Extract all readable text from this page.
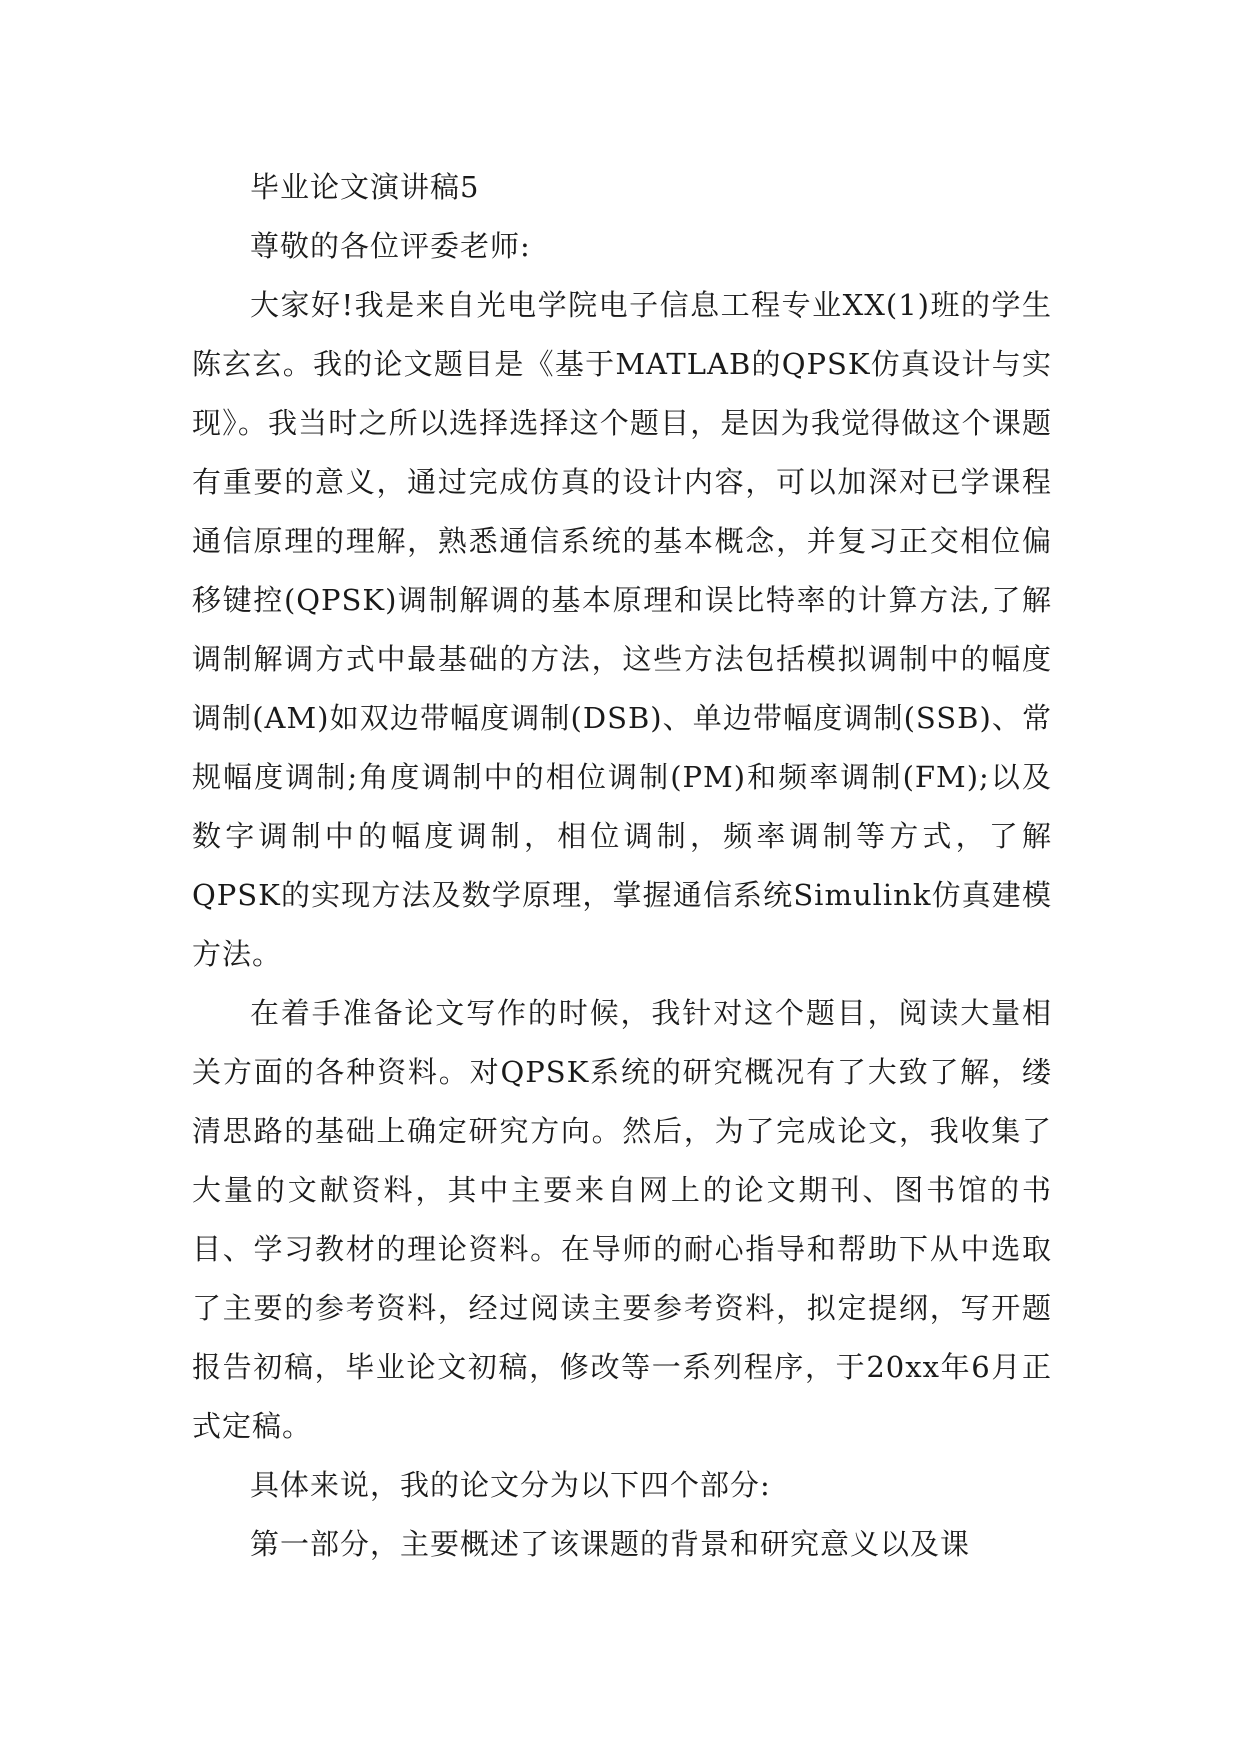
毕业论文演讲稿5

尊敬的各位评委老师:

大家好!我是来自光电学院电子信息工程专业XX(1)班的学生陈玄玄。我的论文题目是《基于MATLAB的QPSK仿真设计与实现》。我当时之所以选择选择这个题目，是因为我觉得做这个课题有重要的意义，通过完成仿真的设计内容，可以加深对已学课程通信原理的理解，熟悉通信系统的基本概念，并复习正交相位偏移键控(QPSK)调制解调的基本原理和误比特率的计算方法,了解调制解调方式中最基础的方法，这些方法包括模拟调制中的幅度调制(AM)如双边带幅度调制(DSB)、单边带幅度调制(SSB)、常规幅度调制;角度调制中的相位调制(PM)和频率调制(FM);以及数字调制中的幅度调制，相位调制，频率调制等方式，了解QPSK的实现方法及数学原理，掌握通信系统Simulink仿真建模方法。

在着手准备论文写作的时候，我针对这个题目，阅读大量相关方面的各种资料。对QPSK系统的研究概况有了大致了解，缕清思路的基础上确定研究方向。然后，为了完成论文，我收集了大量的文献资料，其中主要来自网上的论文期刊、图书馆的书目、学习教材的理论资料。在导师的耐心指导和帮助下从中选取了主要的参考资料，经过阅读主要参考资料，拟定提纲，写开题报告初稿，毕业论文初稿，修改等一系列程序，于20xx年6月正式定稿。

具体来说，我的论文分为以下四个部分:

第一部分，主要概述了该课题的背景和研究意义以及课
